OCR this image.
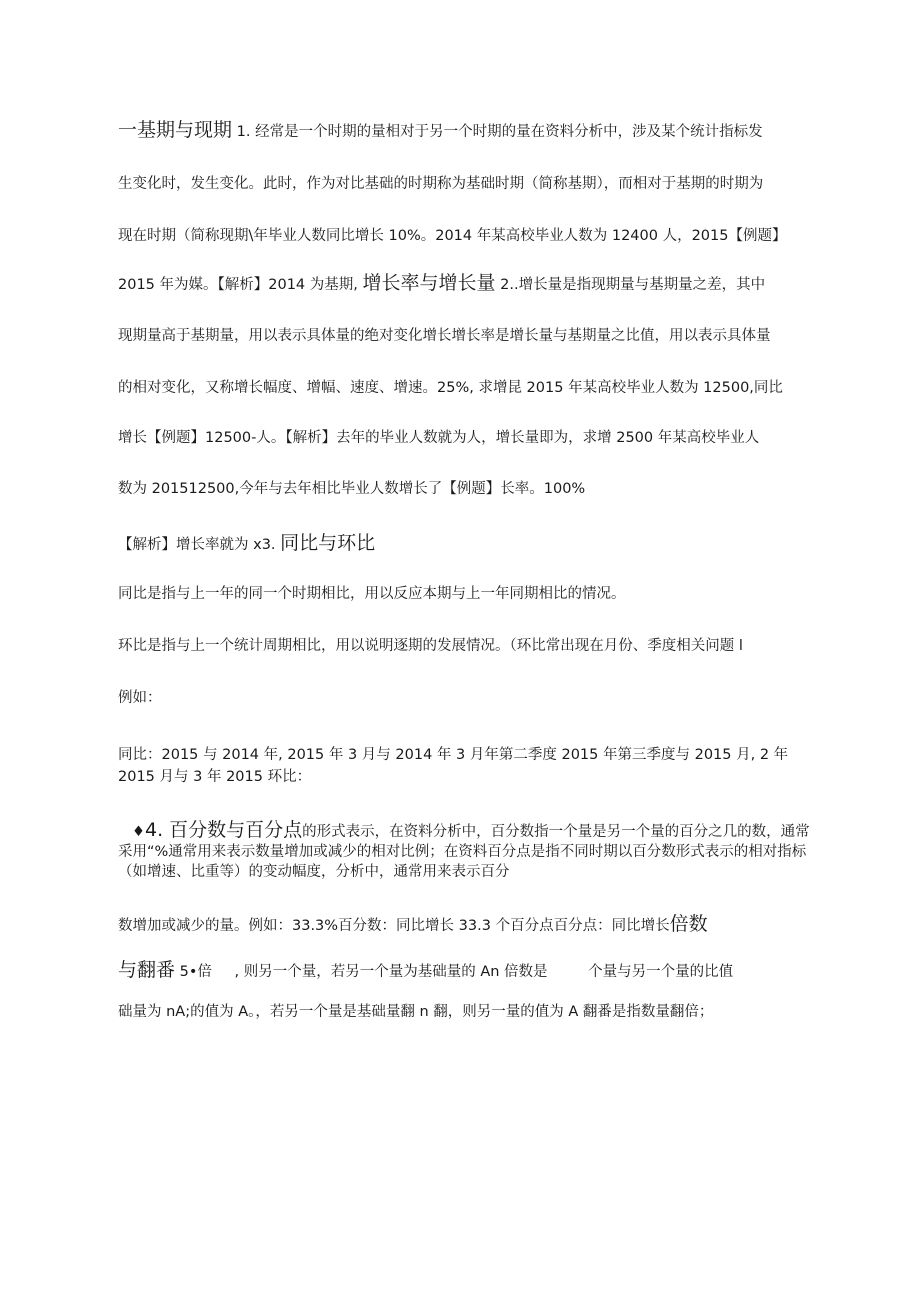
一基期与现期 1. 经常是一个时期的量相对于另一个时期的量在资料分析中，涉及某个统计指标发
生变化时，发生变化。此时，作为对比基础的时期称为基础时期（简称基期），而相对于基期的时期为
现在时期（简称现期\年毕业人数同比增长 10%。2014 年某高校毕业人数为 12400 人，2015【例题】
2015 年为媒。【解析】2014 为基期, 增长率与增长量 2..增长量是指现期量与基期量之差，其中
现期量高于基期量，用以表示具体量的绝对变化增长增长率是增长量与基期量之比值，用以表示具体量
的相对变化，又称增长幅度、增幅、速度、增速。25%, 求增昆 2015 年某高校毕业人数为 12500,同比
增长【例题】12500-人。【解析】去年的毕业人数就为人，增长量即为，求增 2500 年某高校毕业人
数为 201512500,今年与去年相比毕业人数增长了【例题】长率。100%
【解析】增长率就为 x3. 同比与环比
同比是指与上一年的同一个时期相比，用以反应本期与上一年同期相比的情况。
环比是指与上一个统计周期相比，用以说明逐期的发展情况。（环比常出现在月份、季度相关问题 l
例如：
同比：2015 与 2014 年, 2015 年 3 月与 2014 年 3 月年第二季度 2015 年第三季度与 2015 月, 2 年
2015 月与 3 年 2015 环比：
♦4. 百分数与百分点的形式表示，在资料分析中，百分数指一个量是另一个量的百分之几的数，通常采用“%通常用来表示数量增加或减少的相对比例；在资料百分点是指不同时期以百分数形式表示的相对指标（如增速、比重等）的变动幅度，分析中，通常用来表示百分
数增加或减少的量。例如：33.3%百分数：同比增长 33.3 个百分点百分点：同比增长倍数
与翻番 5•倍 , 则另一个量，若另一个量为基础量的 An 倍数是	个量与另一个量的比值
础量为 nA;的值为 A。，若另一个量是基础量翻 n 翻，则另一量的值为 A 翻番是指数量翻倍；
